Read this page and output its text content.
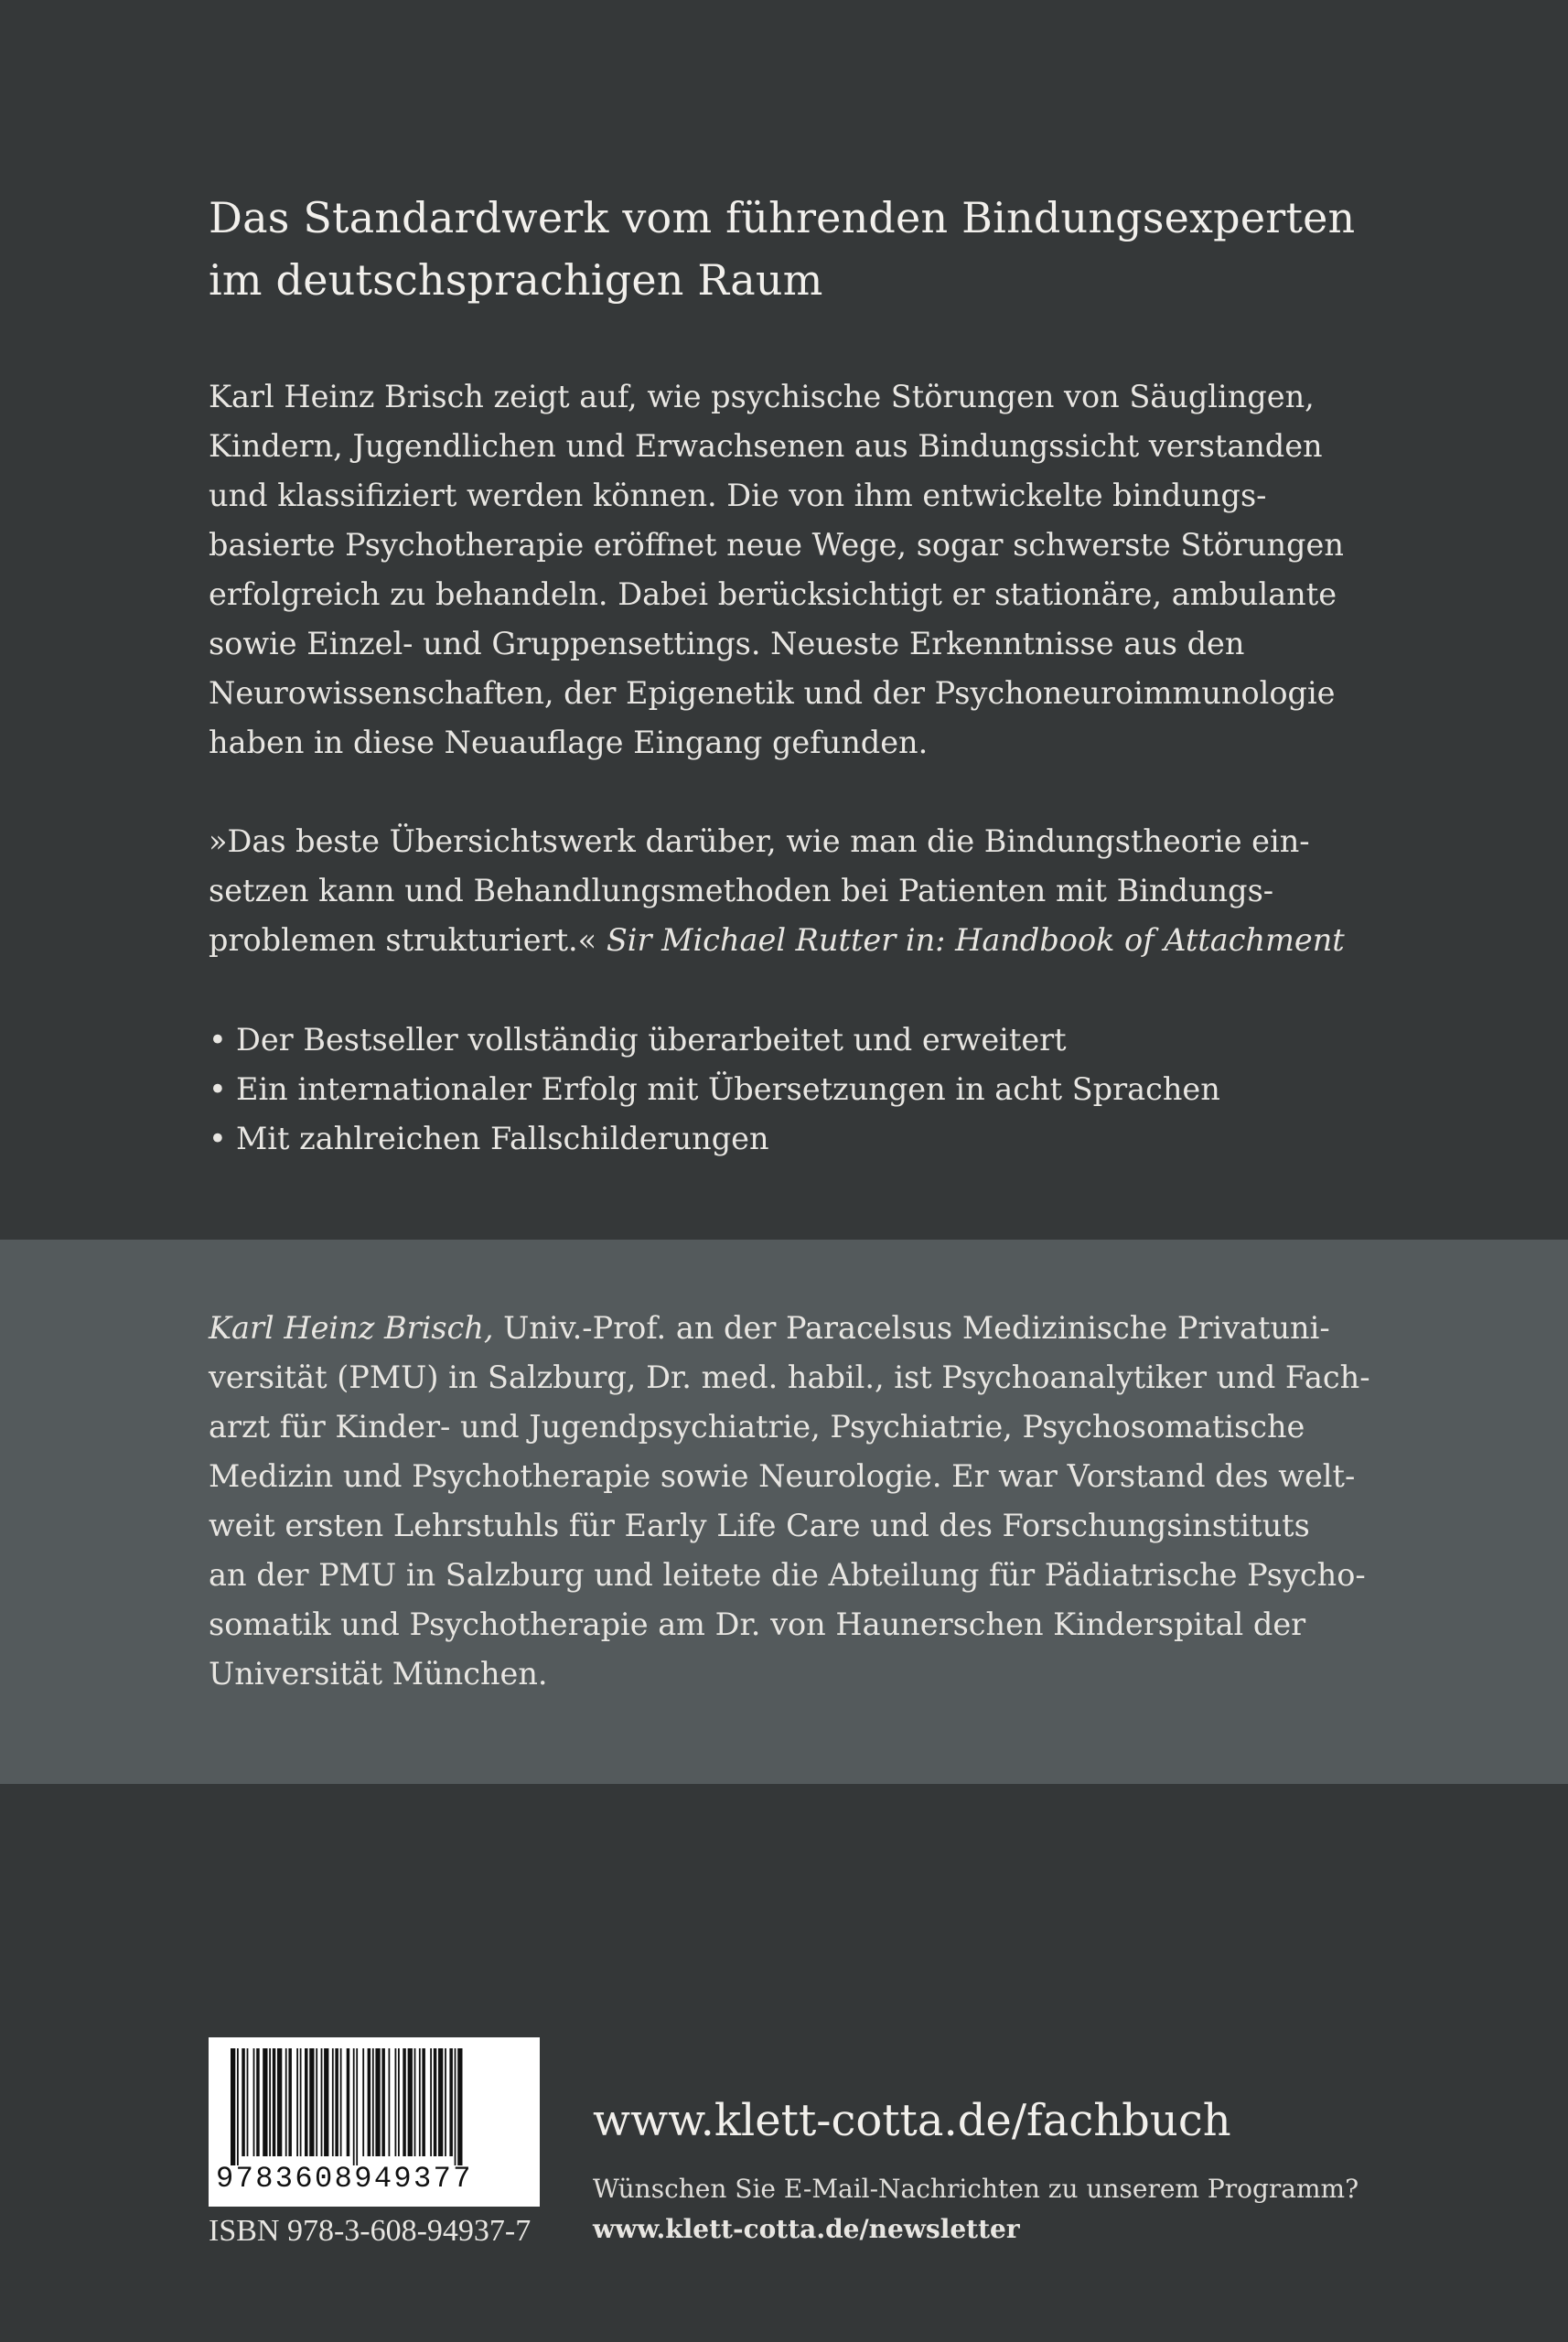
Das Standardwerk vom führenden Bindungsexperten
im deutschsprachigen Raum

Karl Heinz Brisch zeigt auf, wie psychische Störungen von Säuglingen,
Kindern, Jugendlichen und Erwachsenen aus Bindungssicht verstanden
und klassifiziert werden können. Die von ihm entwickelte bindungs-
basierte Psychotherapie eröffnet neue Wege, sogar schwerste Störungen
erfolgreich zu behandeln. Dabei berücksichtigt er stationäre, ambulante
sowie Einzel- und Gruppensettings. Neueste Erkenntnisse aus den
Neurowissenschaften, der Epigenetik und der Psychoneuroimmunologie
haben in diese Neuauflage Eingang gefunden.

»Das beste Übersichtswerk darüber, wie man die Bindungstheorie ein-
setzen kann und Behandlungsmethoden bei Patienten mit Bindungs-
problemen strukturiert.« Sir Michael Rutter in: Handbook of Attachment

• Der Bestseller vollständig überarbeitet und erweitert
• Ein internationaler Erfolg mit Übersetzungen in acht Sprachen
• Mit zahlreichen Fallschilderungen

Karl Heinz Brisch, Univ.-Prof. an der Paracelsus Medizinische Privatuni-
versität (PMU) in Salzburg, Dr. med. habil., ist Psychoanalytiker und Fach-
arzt für Kinder- und Jugendpsychiatrie, Psychiatrie, Psychosomatische
Medizin und Psychotherapie sowie Neurologie. Er war Vorstand des welt-
weit ersten Lehrstuhls für Early Life Care und des Forschungsinstituts
an der PMU in Salzburg und leitete die Abteilung für Pädiatrische Psycho-
somatik und Psychotherapie am Dr. von Haunerschen Kinderspital der
Universität München.

9783608949377
ISBN 978-3-608-94937-7
www.klett-cotta.de/fachbuch
Wünschen Sie E-Mail-Nachrichten zu unserem Programm?
www.klett-cotta.de/newsletter
